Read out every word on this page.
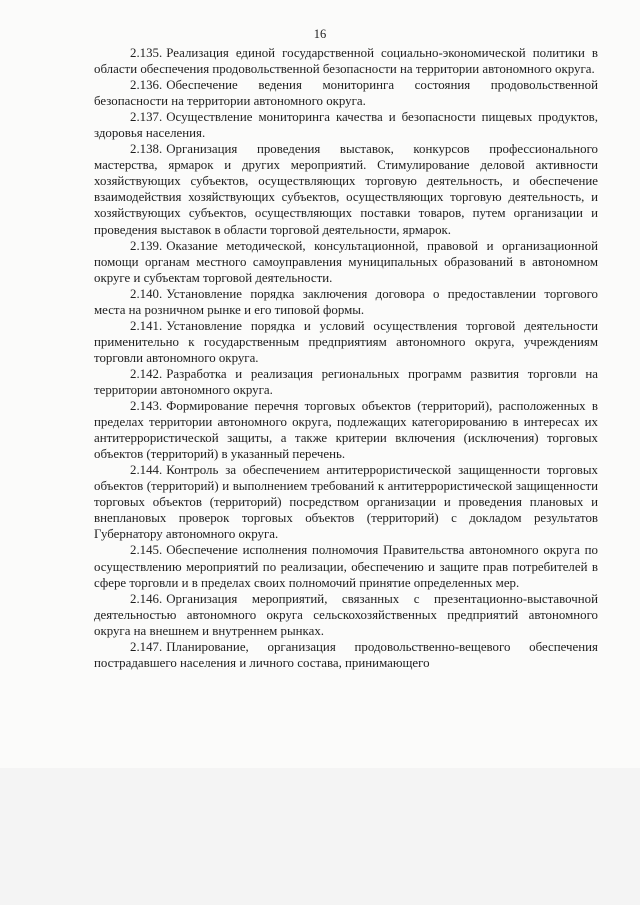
16

2.135. Реализация единой государственной социально-экономической политики в области обеспечения продовольственной безопасности на территории автономного округа.

2.136. Обеспечение ведения мониторинга состояния продовольственной безопасности на территории автономного округа.

2.137. Осуществление мониторинга качества и безопасности пищевых продуктов, здоровья населения.

2.138. Организация проведения выставок, конкурсов профессионального мастерства, ярмарок и других мероприятий. Стимулирование деловой активности хозяйствующих субъектов, осуществляющих торговую деятельность, и обеспечение взаимодействия хозяйствующих субъектов, осуществляющих торговую деятельность, и хозяйствующих субъектов, осуществляющих поставки товаров, путем организации и проведения выставок в области торговой деятельности, ярмарок.

2.139. Оказание методической, консультационной, правовой и организационной помощи органам местного самоуправления муниципальных образований в автономном округе и субъектам торговой деятельности.

2.140. Установление порядка заключения договора о предоставлении торгового места на розничном рынке и его типовой формы.

2.141. Установление порядка и условий осуществления торговой деятельности применительно к государственным предприятиям автономного округа, учреждениям торговли автономного округа.

2.142. Разработка и реализация региональных программ развития торговли на территории автономного округа.

2.143. Формирование перечня торговых объектов (территорий), расположенных в пределах территории автономного округа, подлежащих категорированию в интересах их антитеррористической защиты, а также критерии включения (исключения) торговых объектов (территорий) в указанный перечень.

2.144. Контроль за обеспечением антитеррористической защищенности торговых объектов (территорий) и выполнением требований к антитеррористической защищенности торговых объектов (территорий) посредством организации и проведения плановых и внеплановых проверок торговых объектов (территорий) с докладом результатов Губернатору автономного округа.

2.145. Обеспечение исполнения полномочия Правительства автономного округа по осуществлению мероприятий по реализации, обеспечению и защите прав потребителей в сфере торговли и в пределах своих полномочий принятие определенных мер.

2.146. Организация мероприятий, связанных с презентационно-выставочной деятельностью автономного округа сельскохозяйственных предприятий автономного округа на внешнем и внутреннем рынках.

2.147. Планирование, организация продовольственно-вещевого обеспечения пострадавшего населения и личного состава, принимающего
